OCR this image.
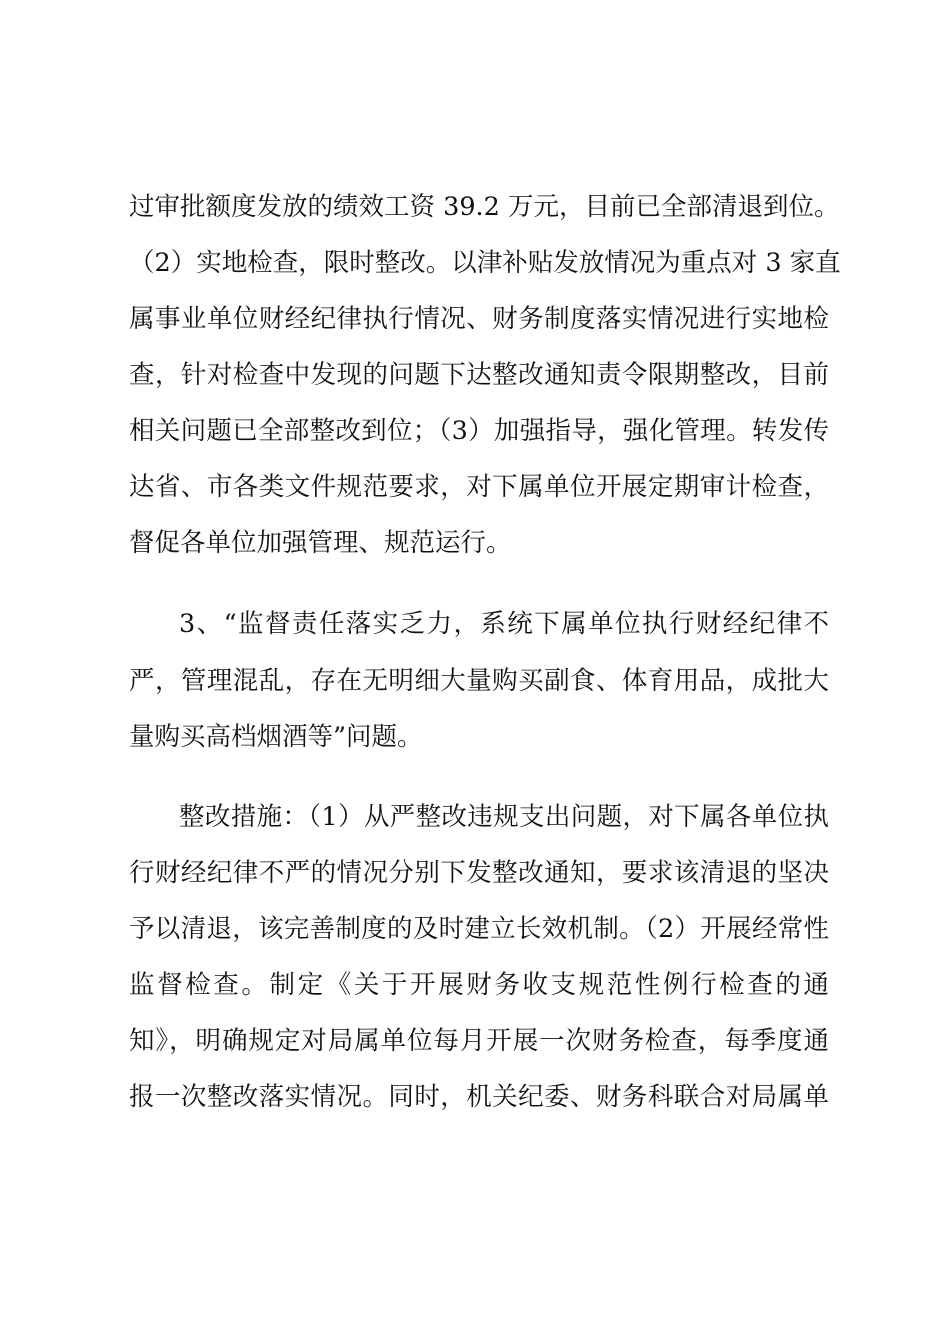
过审批额度发放的绩效工资 39.2 万元，目前已全部清退到位。
（2）实地检查，限时整改。以津补贴发放情况为重点对 3 家直
属事业单位财经纪律执行情况、财务制度落实情况进行实地检
查，针对检查中发现的问题下达整改通知责令限期整改，目前
相关问题已全部整改到位；（3）加强指导，强化管理。转发传
达省、市各类文件规范要求，对下属单位开展定期审计检查，
督促各单位加强管理、规范运行。
3、“监督责任落实乏力，系统下属单位执行财经纪律不
严，管理混乱，存在无明细大量购买副食、体育用品，成批大
量购买高档烟酒等”问题。
整改措施：（1）从严整改违规支出问题，对下属各单位执
行财经纪律不严的情况分别下发整改通知，要求该清退的坚决
予以清退，该完善制度的及时建立长效机制。（2）开展经常性
监督检查。制定《关于开展财务收支规范性例行检查的通
知》，明确规定对局属单位每月开展一次财务检查，每季度通
报一次整改落实情况。同时，机关纪委、财务科联合对局属单
